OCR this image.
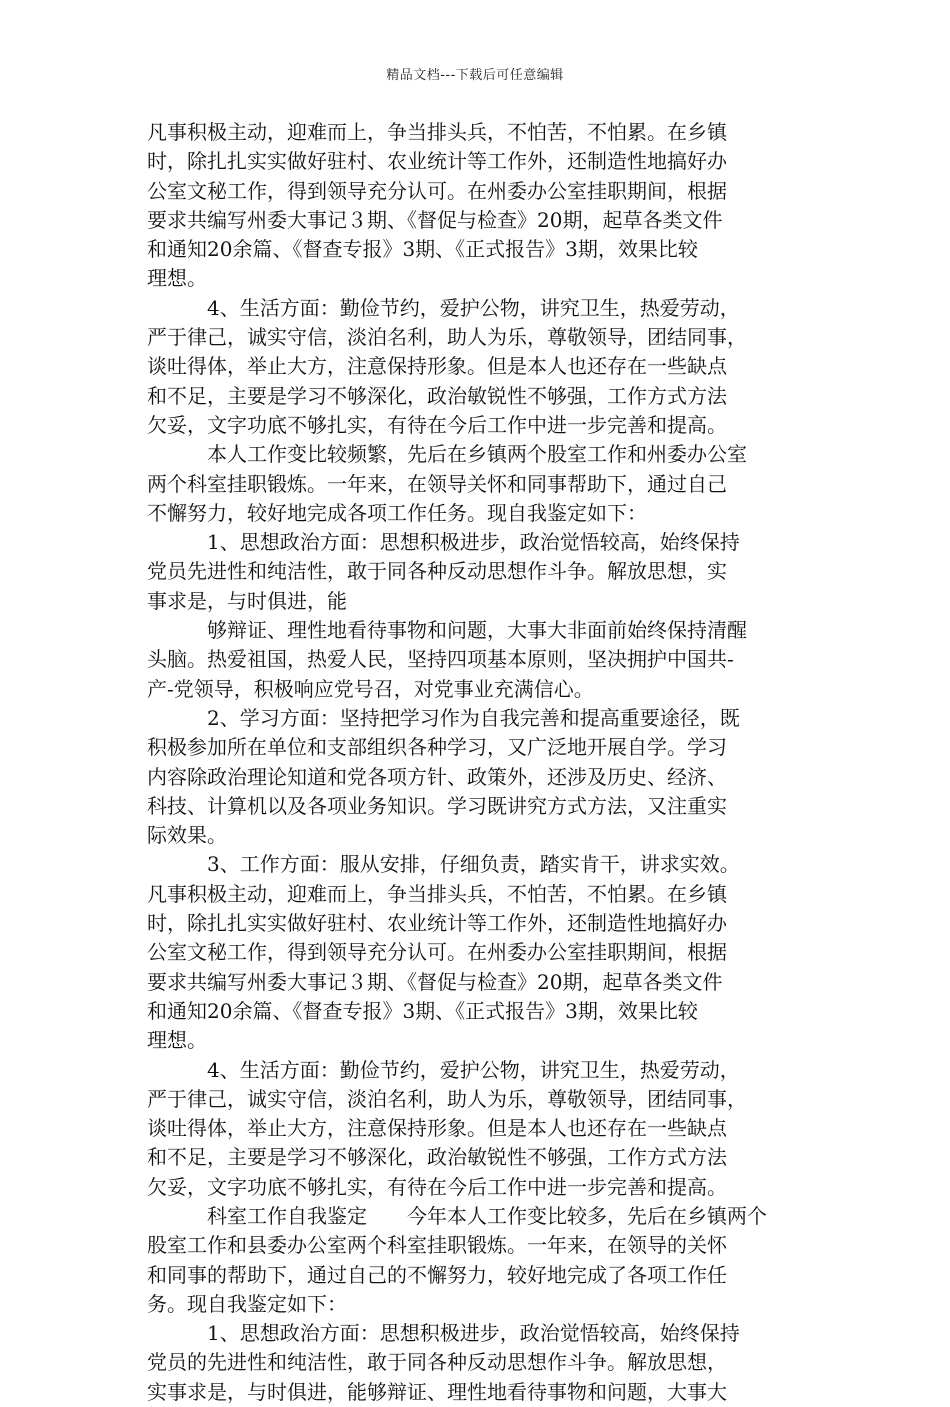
精品文档---下载后可任意编辑
凡事积极主动，迎难而上，争当排头兵，不怕苦，不怕累。在乡镇
时，除扎扎实实做好驻村、农业统计等工作外，还制造性地搞好办
公室文秘工作，得到领导充分认可。在州委办公室挂职期间，根据
要求共编写州委大事记３期、《督促与检查》20期，起草各类文件
和通知20余篇、《督查专报》3期、《正式报告》3期，效果比较
理想。
　　　4、生活方面：勤俭节约，爱护公物，讲究卫生，热爱劳动，
严于律己，诚实守信，淡泊名利，助人为乐，尊敬领导，团结同事，
谈吐得体，举止大方，注意保持形象。但是本人也还存在一些缺点
和不足，主要是学习不够深化，政治敏锐性不够强，工作方式方法
欠妥，文字功底不够扎实，有待在今后工作中进一步完善和提高。
　　　本人工作变比较频繁，先后在乡镇两个股室工作和州委办公室
两个科室挂职锻炼。一年来，在领导关怀和同事帮助下，通过自己
不懈努力，较好地完成各项工作任务。现自我鉴定如下：
　　　1、思想政治方面：思想积极进步，政治觉悟较高，始终保持
党员先进性和纯洁性，敢于同各种反动思想作斗争。解放思想，实
事求是，与时俱进，能
　　　够辩证、理性地看待事物和问题，大事大非面前始终保持清醒
头脑。热爱祖国，热爱人民，坚持四项基本原则，坚决拥护中国共-
产-党领导，积极响应党号召，对党事业充满信心。
　　　2、学习方面：坚持把学习作为自我完善和提高重要途径，既
积极参加所在单位和支部组织各种学习，又广泛地开展自学。学习
内容除政治理论知道和党各项方针、政策外，还涉及历史、经济、
科技、计算机以及各项业务知识。学习既讲究方式方法，又注重实
际效果。
　　　3、工作方面：服从安排，仔细负责，踏实肯干，讲求实效。
凡事积极主动，迎难而上，争当排头兵，不怕苦，不怕累。在乡镇
时，除扎扎实实做好驻村、农业统计等工作外，还制造性地搞好办
公室文秘工作，得到领导充分认可。在州委办公室挂职期间，根据
要求共编写州委大事记３期、《督促与检查》20期，起草各类文件
和通知20余篇、《督查专报》3期、《正式报告》3期，效果比较
理想。
　　　4、生活方面：勤俭节约，爱护公物，讲究卫生，热爱劳动，
严于律己，诚实守信，淡泊名利，助人为乐，尊敬领导，团结同事，
谈吐得体，举止大方，注意保持形象。但是本人也还存在一些缺点
和不足，主要是学习不够深化，政治敏锐性不够强，工作方式方法
欠妥，文字功底不够扎实，有待在今后工作中进一步完善和提高。
　　　科室工作自我鉴定　　今年本人工作变比较多，先后在乡镇两个
股室工作和县委办公室两个科室挂职锻炼。一年来，在领导的关怀
和同事的帮助下，通过自己的不懈努力，较好地完成了各项工作任
务。现自我鉴定如下：
　　　1、思想政治方面：思想积极进步，政治觉悟较高，始终保持
党员的先进性和纯洁性，敢于同各种反动思想作斗争。解放思想，
实事求是，与时俱进，能够辩证、理性地看待事物和问题，大事大
